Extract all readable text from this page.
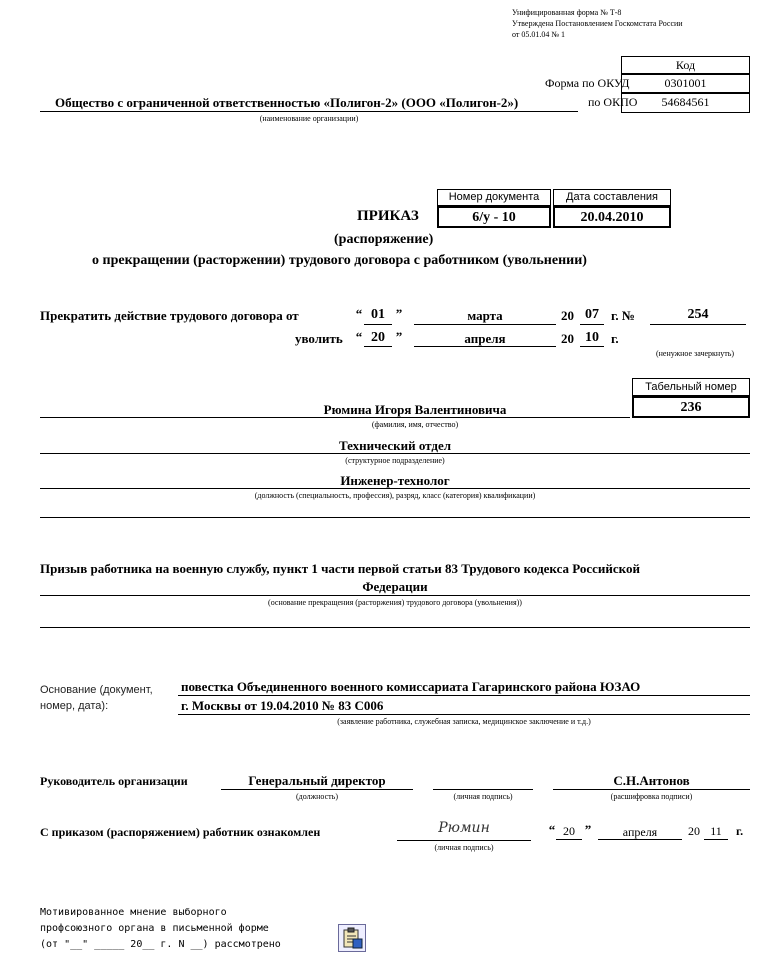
Унифицированная форма № Т-8
Утверждена Постановлением Госкомстата России
от 05.01.04 № 1
Код
Форма по ОКУД	0301001
по ОКПО	54684561
Общество с ограниченной ответственностью «Полигон-2» (ООО «Полигон-2»)
(наименование организации)
Номер документа	Дата составления
6/у - 10	20.04.2010
ПРИКАЗ
(распоряжение)
о прекращении (расторжении) трудового договора с работником (увольнении)
Прекратить действие трудового договора от	“ 01 ”	марта	20 07 г. №	254
уволить “ 20 ”	апреля	20 10 г.
(ненужное зачеркнуть)
Табельный номер
236
Рюмина Игоря Валентиновича
(фамилия, имя, отчество)
Технический отдел
(структурное подразделение)
Инженер-технолог
(должность (специальность, профессия), разряд, класс (категория) квалификации)
Призыв работника на военную службу, пункт 1 части первой статьи 83 Трудового кодекса Российской
Федерации
(основание прекращения (расторжения) трудового договора (увольнения))
Основание (документ,
номер, дата):
повестка Объединенного военного комиссариата Гагаринского района ЮЗАО
г. Москвы от 19.04.2010 № 83 С006
(заявление работника, служебная записка, медицинское заключение и т.д.)
Руководитель организации	Генеральный директор
(должность)	(личная подпись)
С.Н.Антонов
(расшифровка подписи)
С приказом (распоряжением) работник ознакомлен	Рюмин
(личная подпись)
“ 20 ”	апреля	20 11	г.
Мотивированное мнение выборного
профсоюзного органа в письменной форме
(от "__" _____ 20__ г. N __) рассмотрено
